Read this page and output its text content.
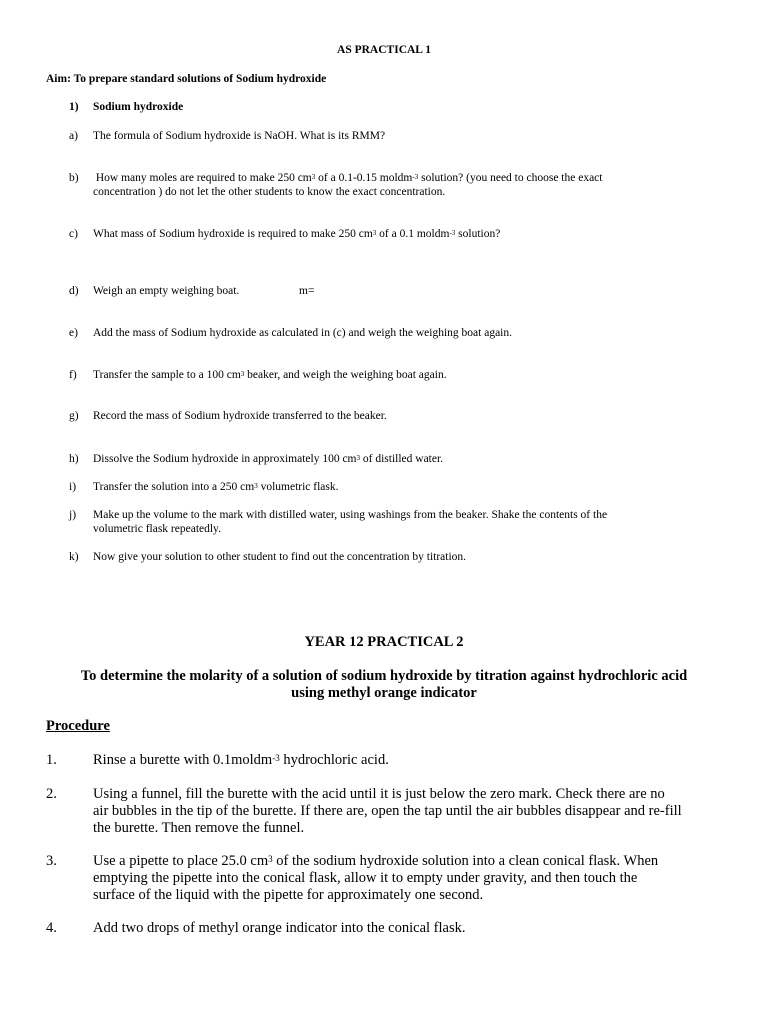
AS PRACTICAL 1
Aim: To prepare standard solutions of Sodium hydroxide
1) Sodium hydroxide
a) The formula of Sodium hydroxide is NaOH. What is its RMM?
b) How many moles are required to make 250 $cm^3$ of a 0.1-0.15 moldm$^{-3}$ solution? (you need to choose the exact
concentration ) do not let the other students to know the exact concentration.
c) What mass of Sodium hydroxide is required to make 250 $cm^3$ of a 0.1 moldm$^{-3}$ solution?
d) Weigh an empty weighing boat.	m=
e) Add the mass of Sodium hydroxide as calculated in (c) and weigh the weighing boat again.
f) Transfer the sample to a 100 $cm^3$ beaker, and weigh the weighing boat again.
g) Record the mass of Sodium hydroxide transferred to the beaker.
h) Dissolve the Sodium hydroxide in approximately 100 $cm^3$ of distilled water.
i) Transfer the solution into a 250 $cm^3$ volumetric flask.
j) Make up the volume to the mark with distilled water, using washings from the beaker. Shake the contents of the
volumetric flask repeatedly.
k) Now give your solution to other student to find out the concentration by titration.
YEAR 12 PRACTICAL 2
To determine the molarity of a solution of sodium hydroxide by titration against hydrochloric acid
using methyl orange indicator
Procedure
1. Rinse a burette with 0.1moldm$^{-3}$ hydrochloric acid.
2. Using a funnel, fill the burette with the acid until it is just below the zero mark. Check there are no
air bubbles in the tip of the burette. If there are, open the tap until the air bubbles disappear and re-fill
the burette. Then remove the funnel.
3. Use a pipette to place 25.0 $cm^3$ of the sodium hydroxide solution into a clean conical flask. When
emptying the pipette into the conical flask, allow it to empty under gravity, and then touch the
surface of the liquid with the pipette for approximately one second.
4. Add two drops of methyl orange indicator into the conical flask.
